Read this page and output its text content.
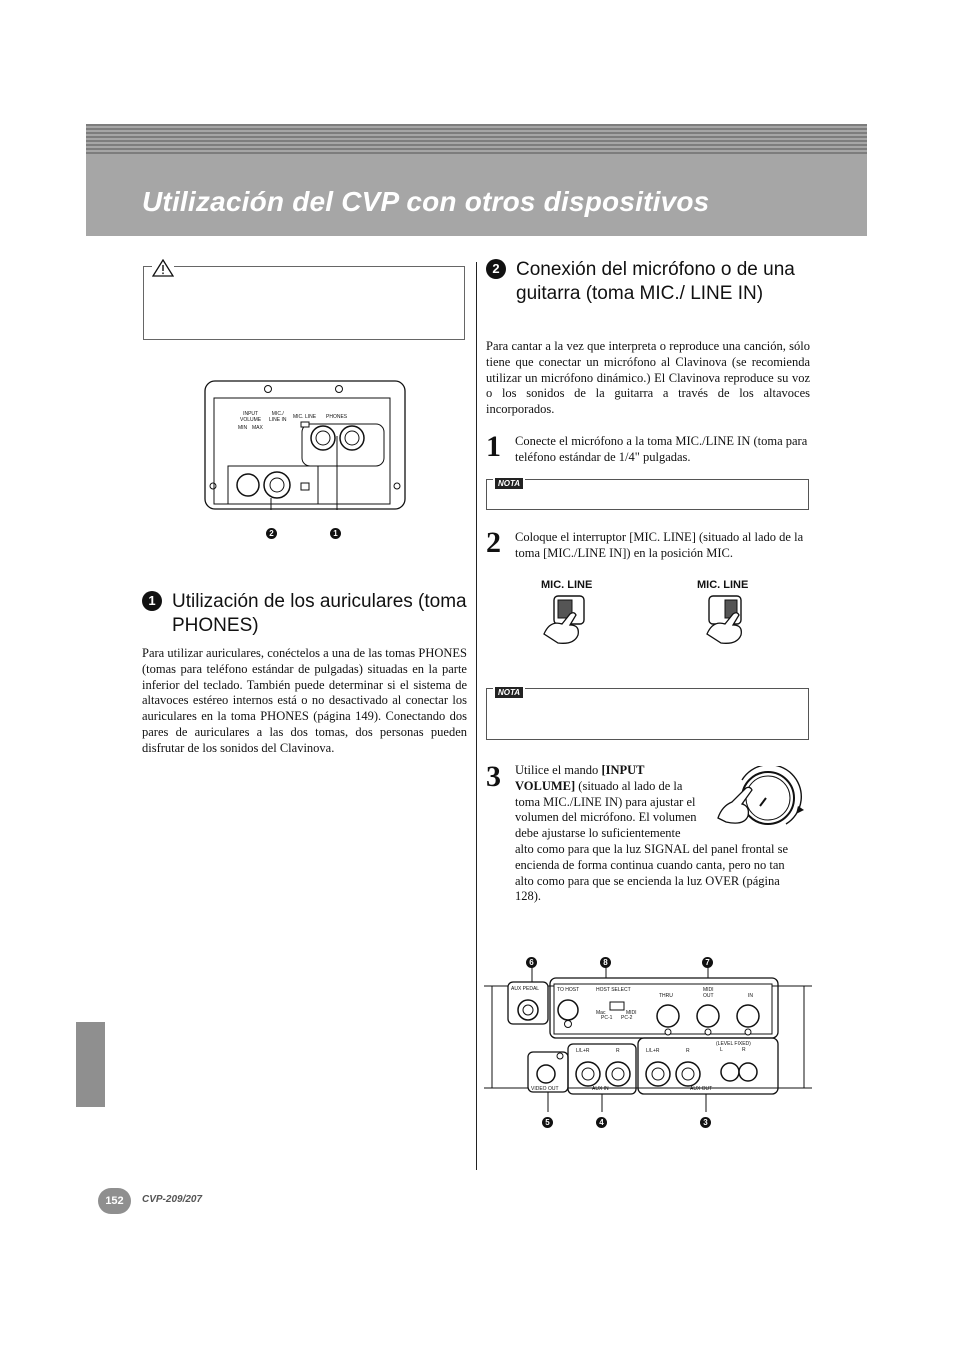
Utilización del CVP con otros dispositivos
INPUT
VOLUME
MIN MAX
MIC./
LINE IN MIC. LINE PHONES
2	1
1 Utilización de los auriculares (toma PHONES)

Para utilizar auriculares, conéctelos a una de las tomas PHONES (tomas para teléfono estándar de pulgadas) situadas en la parte inferior del teclado. También puede determinar si el sistema de altavoces estéreo internos está o no desactivado al conectar los auriculares en la toma PHONES (página 149). Conectando dos pares de auriculares a las dos tomas, dos personas pueden disfrutar de los sonidos del Clavinova.

2 Conexión del micrófono o de una guitarra (toma MIC./ LINE IN)

Para cantar a la vez que interpreta o reproduce una canción, sólo tiene que conectar un micrófono al Clavinova (se recomienda utilizar un micrófono dinámico.) El Clavinova reproduce su voz o los sonidos de la guitarra a través de los altavoces incorporados.

1 Conecte el micrófono a la toma MIC./LINE IN (toma para teléfono estándar de 1/4" pulgadas.

NOTA
2 Coloque el interruptor [MIC. LINE] (situado al lado de la toma [MIC./LINE IN]) en la posición MIC.

MIC. LINE	MIC. LINE
NOTA
3 Utilice el mando [INPUT VOLUME] (situado al lado de la toma MIC./LINE IN) para ajustar el volumen del micrófono. El volumen debe ajustarse lo suficientemente alto como para que la luz SIGNAL del panel frontal se encienda de forma continua cuando canta, pero no tan alto como para que se encienda la luz OVER (página 128).

AUX PEDAL	TO HOST	HOST SELECT
Mac
PC-1
MIDI
PC-2
MIDI
THRU	OUT	IN
VIDEO OUT
L/L+R	R
AUX IN
L/L+R	R
(LEVEL FIXED)
L	R
AUX OUT
6	8	7
5	4	3
152	CVP-209/207
